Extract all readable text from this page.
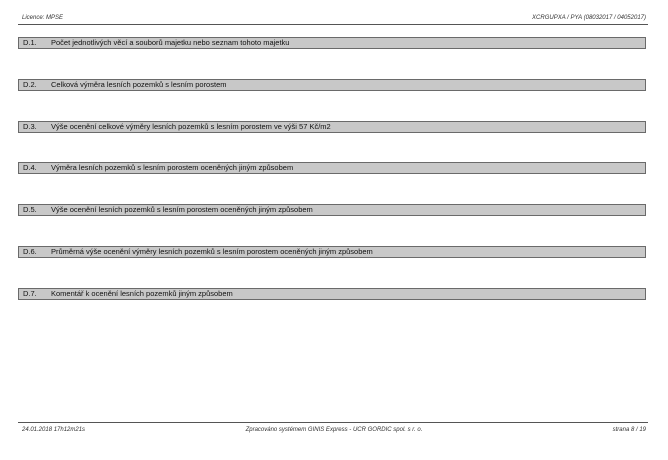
Licence: MPSE	XCRGUPXA / PYA (08032017 / 04052017)
D.1. Počet jednotlivých věcí a souborů majetku nebo seznam tohoto majetku
D.2. Celková výměra lesních pozemků s lesním porostem
D.3. Výše ocenění celkové výměry lesních pozemků s lesním porostem ve výši 57 Kč/m2
D.4. Výměra lesních pozemků s lesním porostem oceněných jiným způsobem
D.5. Výše ocenění lesních pozemků s lesním porostem oceněných jiným způsobem
D.6. Průměrná výše ocenění výměry lesních pozemků s lesním porostem oceněných jiným způsobem
D.7. Komentář k ocenění lesních pozemků jiným způsobem
24.01.2018 17h12m21s	Zpracováno systémem GINIS Express - UCR GORDIC spol. s r. o.	strana 8 / 19
